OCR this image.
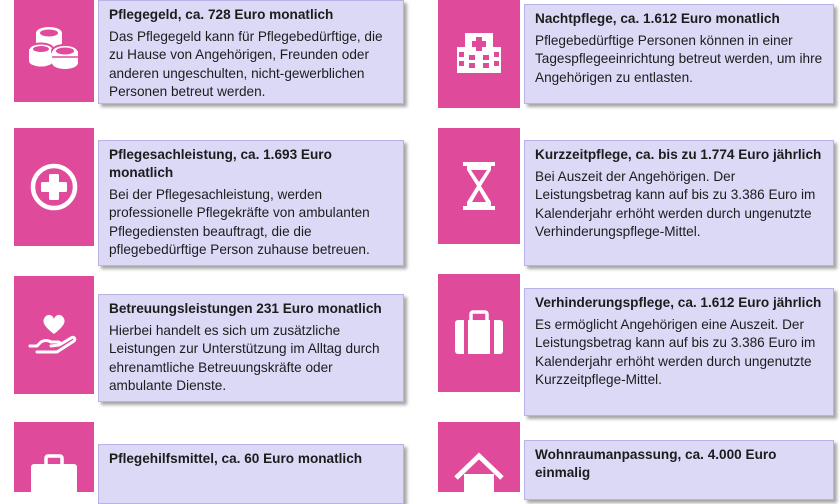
Pflegegeld, ca. 728 Euro monatlich
Das Pflegegeld kann für Pflegebedürftige, die zu Hause von Angehörigen, Freunden oder anderen ungeschulten, nicht-gewerblichen Personen betreut werden.
Nachtpflege, ca. 1.612 Euro monatlich
Pflegebedürftige Personen können in einer Tagespflegeeinrichtung betreut werden, um ihre Angehörigen zu entlasten.
Pflegesachleistung, ca. 1.693 Euro monatlich
Bei der Pflegesachleistung, werden professionelle Pflegekräfte von ambulanten Pflegediensten beauftragt, die die pflegebedürftige Person zuhause betreuen.
Kurzzeitpflege, ca. bis zu 1.774 Euro jährlich
Bei Auszeit der Angehörigen. Der Leistungsbetrag kann auf bis zu 3.386 Euro im Kalenderjahr erhöht werden durch ungenutzte Verhinderungspflege-Mittel.
Betreuungsleistungen 231 Euro monatlich
Hierbei handelt es sich um zusätzliche Leistungen zur Unterstützung im Alltag durch ehrenamtliche Betreuungskräfte oder ambulante Dienste.
Verhinderungspflege, ca. 1.612 Euro jährlich
Es ermöglicht Angehörigen eine Auszeit. Der Leistungsbetrag kann auf bis zu 3.386 Euro im Kalenderjahr erhöht werden durch ungenutzte Kurzzeitpflege-Mittel.
Pflegehilfsmittel, ca. 60 Euro monatlich	Wohnraumanpassung, ca. 4.000 Euro einmalig
